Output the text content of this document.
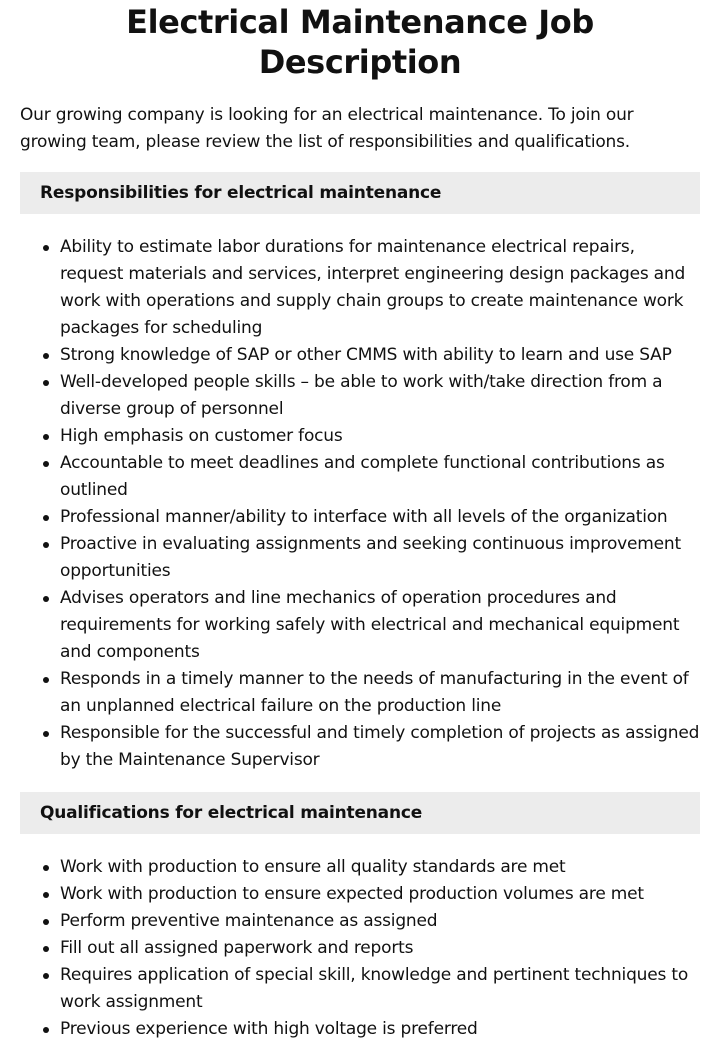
Electrical Maintenance Job Description

Our growing company is looking for an electrical maintenance. To join our growing team, please review the list of responsibilities and qualifications.

Responsibilities for electrical maintenance
Ability to estimate labor durations for maintenance electrical repairs, request materials and services, interpret engineering design packages and work with operations and supply chain groups to create maintenance work packages for scheduling
Strong knowledge of SAP or other CMMS with ability to learn and use SAP
Well-developed people skills – be able to work with/take direction from a diverse group of personnel
High emphasis on customer focus
Accountable to meet deadlines and complete functional contributions as outlined
Professional manner/ability to interface with all levels of the organization
Proactive in evaluating assignments and seeking continuous improvement opportunities
Advises operators and line mechanics of operation procedures and requirements for working safely with electrical and mechanical equipment and components
Responds in a timely manner to the needs of manufacturing in the event of an unplanned electrical failure on the production line
Responsible for the successful and timely completion of projects as assigned by the Maintenance Supervisor
Qualifications for electrical maintenance
Work with production to ensure all quality standards are met
Work with production to ensure expected production volumes are met
Perform preventive maintenance as assigned
Fill out all assigned paperwork and reports
Requires application of special skill, knowledge and pertinent techniques to work assignment
Previous experience with high voltage is preferred
